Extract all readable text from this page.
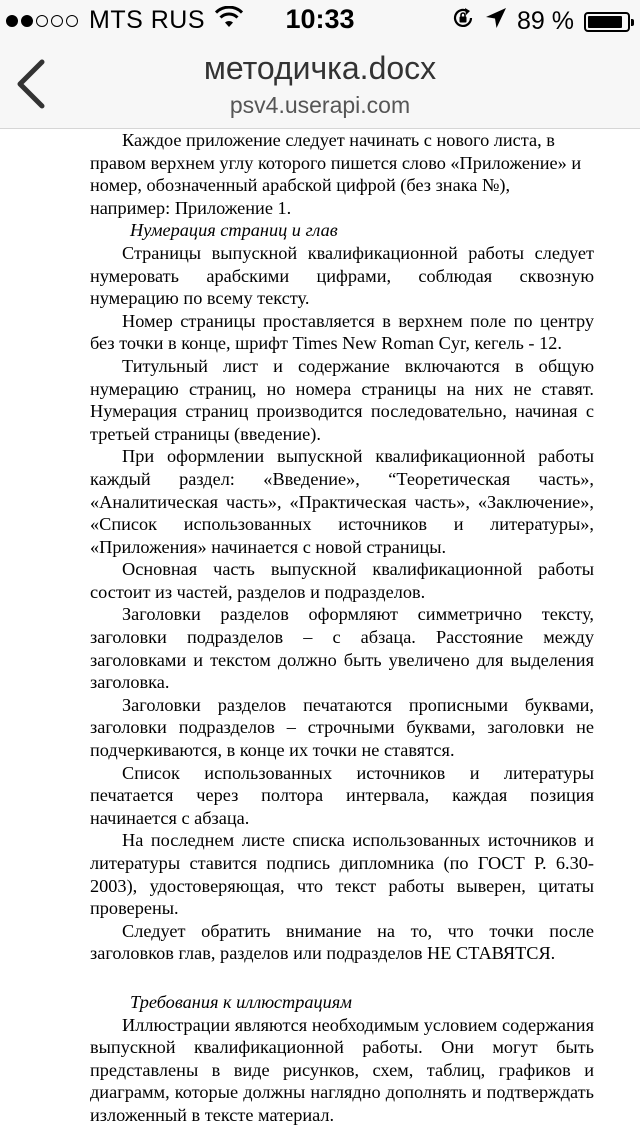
MTS RUS	10:33	89 %
методичка.docx
psv4.userapi.com

Каждое приложение следует начинать с нового листа, в правом верхнем углу которого пишется слово «Приложение» и номер, обозначенный арабской цифрой (без знака №), например: Приложение 1.

Нумерация страниц и глав

Страницы выпускной квалификационной работы следует нумеровать арабскими цифрами, соблюдая сквозную нумерацию по всему тексту.

Номер страницы проставляется в верхнем поле по центру без точки в конце, шрифт Times New Roman Cyr, кегель - 12.

Титульный лист и содержание включаются в общую нумерацию страниц, но номера страницы на них не ставят. Нумерация страниц производится последовательно, начиная с третьей страницы (введение).

При оформлении выпускной квалификационной работы каждый раздел: «Введение», “Теоретическая часть», «Аналитическая часть», «Практическая часть», «Заключение», «Список использованных источников и литературы», «Приложения» начинается с новой страницы.

Основная часть выпускной квалификационной работы состоит из частей, разделов и подразделов.

Заголовки разделов оформляют симметрично тексту, заголовки подразделов – с абзаца. Расстояние между заголовками и текстом должно быть увеличено для выделения заголовка.

Заголовки разделов печатаются прописными буквами, заголовки подразделов – строчными буквами, заголовки не подчеркиваются, в конце их точки не ставятся.

Список использованных источников и литературы печатается через полтора интервала, каждая позиция начинается с абзаца.

На последнем листе списка использованных источников и литературы ставится подпись дипломника (по ГОСТ Р. 6.30-2003), удостоверяющая, что текст работы выверен, цитаты проверены.

Следует обратить внимание на то, что точки после заголовков глав, разделов или подразделов НЕ СТАВЯТСЯ.

Требования к иллюстрациям

Иллюстрации являются необходимым условием содержания выпускной квалификационной работы. Они могут быть представлены в виде рисунков, схем, таблиц, графиков и диаграмм, которые должны наглядно дополнять и подтверждать изложенный в тексте материал.
